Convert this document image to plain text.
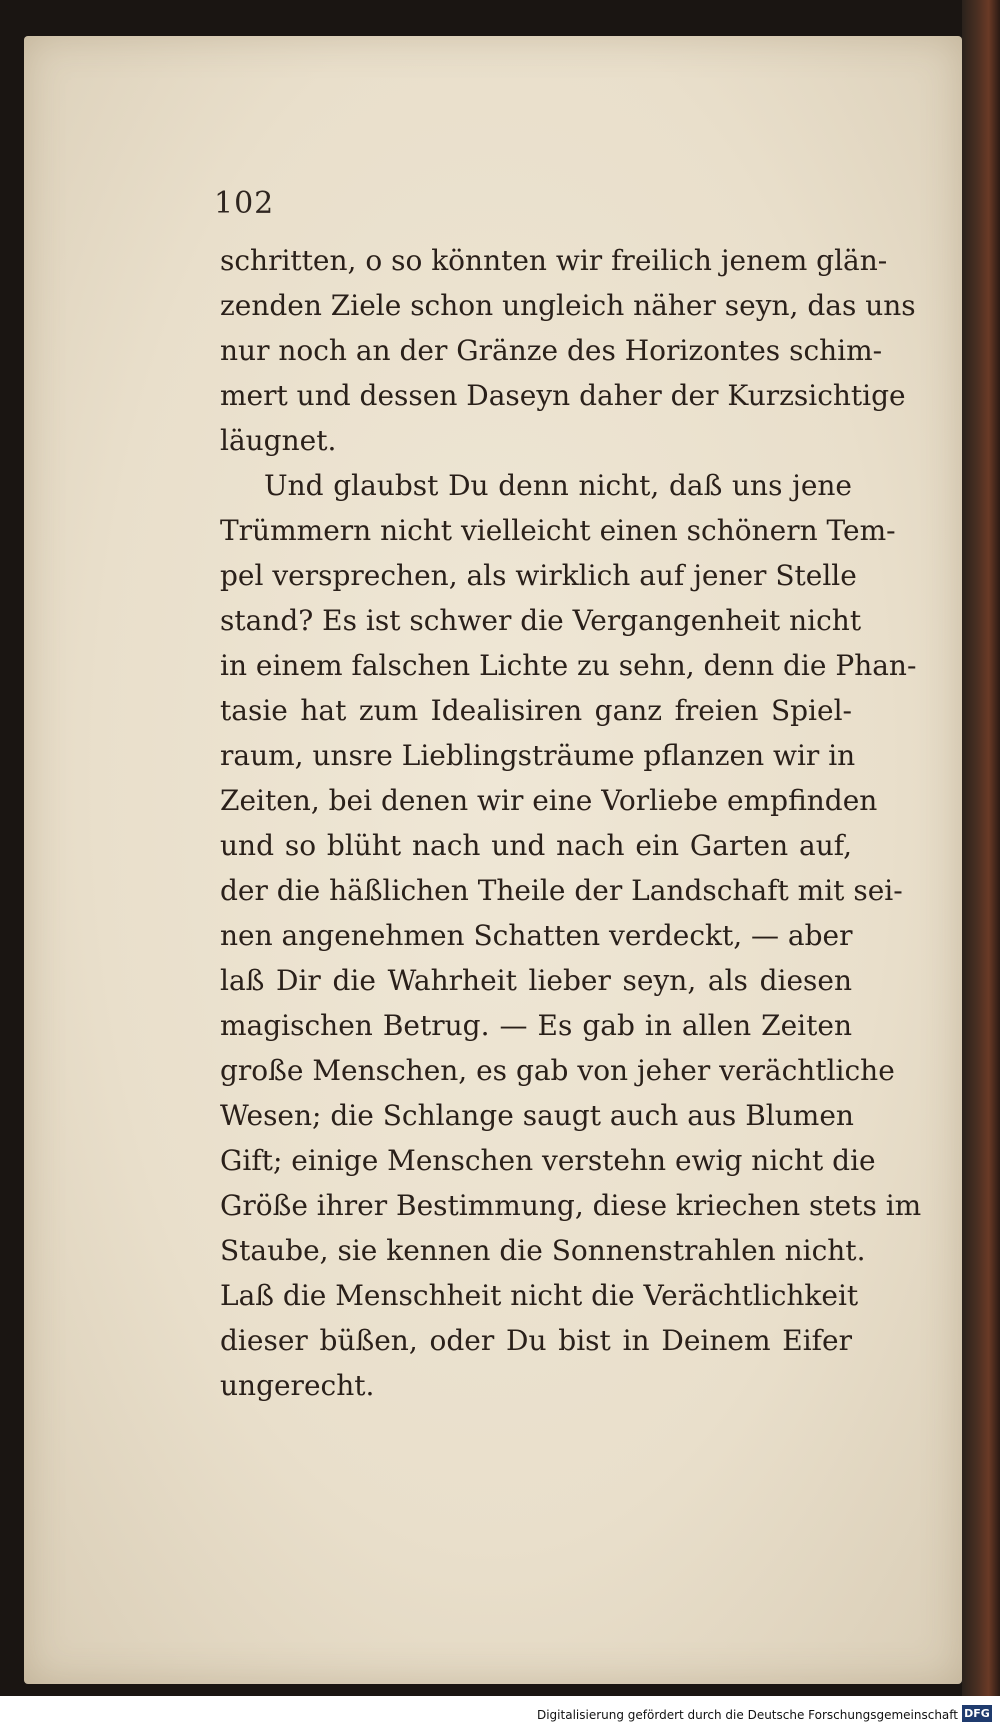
102
schritten, o so könnten wir freilich jenem glän-
zenden Ziele schon ungleich näher seyn, das uns
nur noch an der Gränze des Horizontes schim-
mert und dessen Daseyn daher der Kurzsichtige
läugnet.
Und glaubst Du denn nicht, daß uns jene
Trümmern nicht vielleicht einen schönern Tem-
pel versprechen, als wirklich auf jener Stelle
stand? Es ist schwer die Vergangenheit nicht
in einem falschen Lichte zu sehn, denn die Phan-
tasie hat zum Idealisiren ganz freien Spiel-
raum, unsre Lieblingsträume pflanzen wir in
Zeiten, bei denen wir eine Vorliebe empfinden
und so blüht nach und nach ein Garten auf,
der die häßlichen Theile der Landschaft mit sei-
nen angenehmen Schatten verdeckt, — aber
laß Dir die Wahrheit lieber seyn, als diesen
magischen Betrug. — Es gab in allen Zeiten
große Menschen, es gab von jeher verächtliche
Wesen; die Schlange saugt auch aus Blumen
Gift; einige Menschen verstehn ewig nicht die
Größe ihrer Bestimmung, diese kriechen stets im
Staube, sie kennen die Sonnenstrahlen nicht.
Laß die Menschheit nicht die Verächtlichkeit
dieser büßen, oder Du bist in Deinem Eifer
ungerecht.
Digitalisierung gefördert durch die Deutsche Forschungsgemeinschaft DFG
